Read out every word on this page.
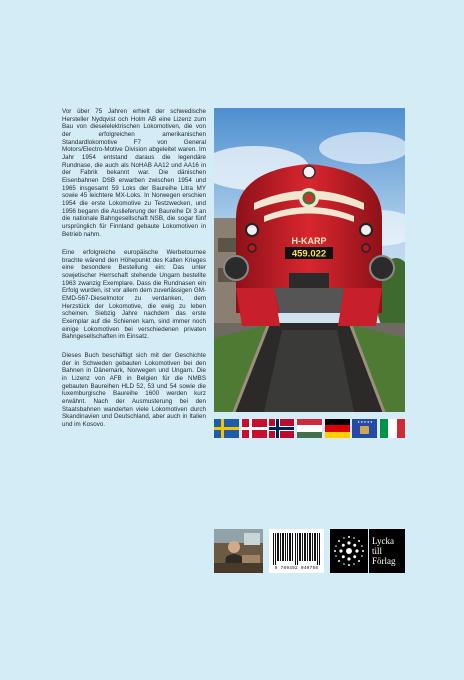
Vor über 75 Jahren erhielt der schwedische Hersteller Nydqvist och Holm AB eine Lizenz zum Bau von dieselelektrischen Lokomotiven, die von der erfolgreichen amerikanischen Standardlokomotive F7 von General Motors/Electro-Motive Division abgeleitet waren. Im Jahr 1954 entstand daraus die legendäre Rundnase, die auch als NoHAB AA12 und AA16 in der Fabrik bekannt war. Die dänischen Eisenbahnen DSB erwarben zwischen 1954 und 1965 insgesamt 59 Loks der Baureihe Litra MY sowie 45 leichtere MX-Loks. In Norwegen erschien 1954 die erste Lokomotive zu Testzwecken, und 1956 begann die Auslieferung der Baureihe Di 3 an die nationale Bahngesellschaft NSB, die sogar fünf ursprünglich für Finnland gebaute Lokomotiven in Betrieb nahm.

Eine erfolgreiche europäische Werbetournee brachte wärend den Höhepunkt des Kalten Krieges eine besondere Bestellung ein: Das unter sowjetischer Herrschaft stehende Ungarn bestellte 1963 zwanzig Exemplare. Dass die Rundnasen ein Erfolg wurden, ist vor allem dem zuverlässigen GM-EMD-567-Dieselmotor zu verdanken, dem Herzstück der Lokomotive, die ewig zu leben scheinen. Siebzig Jahre nachdem das erste Exemplar auf die Schienen kam, sind immer noch einige Lokomotiven bei verschiedenen privaten Bahngesellschaften im Einsatz.

Dieses Buch beschäftigt sich mit der Geschichte der in Schweden gebauten Lokomotiven bei den Bahnen in Dänemark, Norwegen und Ungarn. Die in Lizenz von AFB in Belgien für die NMBS gebauten Baureihen HLD 52, 53 und 54 sowie die luxemburgische Baureihe 1600 werden kurz erwähnt. Nach der Ausmusterung bei den Staatsbahnen wanderten viele Lokomotiven durch Skandinavien und Deutschland, aber auch in Italien und im Kosovo.

H-KARP
459.022
★★★★★
9 789492 040756
Lycka
till
Förlag
